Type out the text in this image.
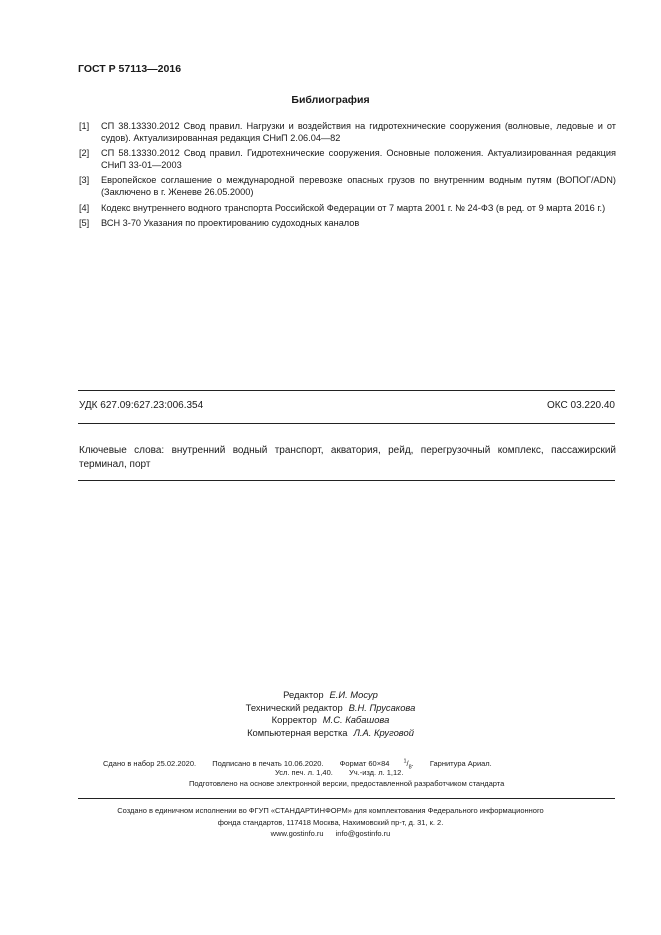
ГОСТ Р 57113—2016
Библиография
[1] СП 38.13330.2012 Свод правил. Нагрузки и воздействия на гидротехнические сооружения (волновые, ледовые и от судов). Актуализированная редакция СНиП 2.06.04—82
[2] СП 58.13330.2012 Свод правил. Гидротехнические сооружения. Основные положения. Актуализированная редакция СНиП 33-01—2003
[3] Европейское соглашение о международной перевозке опасных грузов по внутренним водным путям (ВОПОГ/ADN) (Заключено в г. Женеве 26.05.2000)
[4] Кодекс внутреннего водного транспорта Российской Федерации от 7 марта 2001 г. № 24-ФЗ (в ред. от 9 марта 2016 г.)
[5] ВСН 3-70 Указания по проектированию судоходных каналов
УДК 627.09:627.23:006.354	ОКС 03.220.40
Ключевые слова: внутренний водный транспорт, акватория, рейд, перегрузочный комплекс, пассажирский терминал, порт
Редактор Е.И. Мосур
Технический редактор В.Н. Прусакова
Корректор М.С. Кабашова
Компьютерная верстка Л.А. Круговой
Сдано в набор 25.02.2020. Подписано в печать 10.06.2020. Формат 60×84	$^1/_8$. Гарнитура Ариал.
Усл. печ. л. 1,40. Уч.-изд. л. 1,12.
Подготовлено на основе электронной версии, предоставленной разработчиком стандарта
Создано в единичном исполнении во ФГУП «СТАНДАРТИНФОРМ» для комплектования Федерального информационного
фонда стандартов, 117418 Москва, Нахимовский пр-т, д. 31, к. 2.
www.gostinfo.ru info@gostinfo.ru
